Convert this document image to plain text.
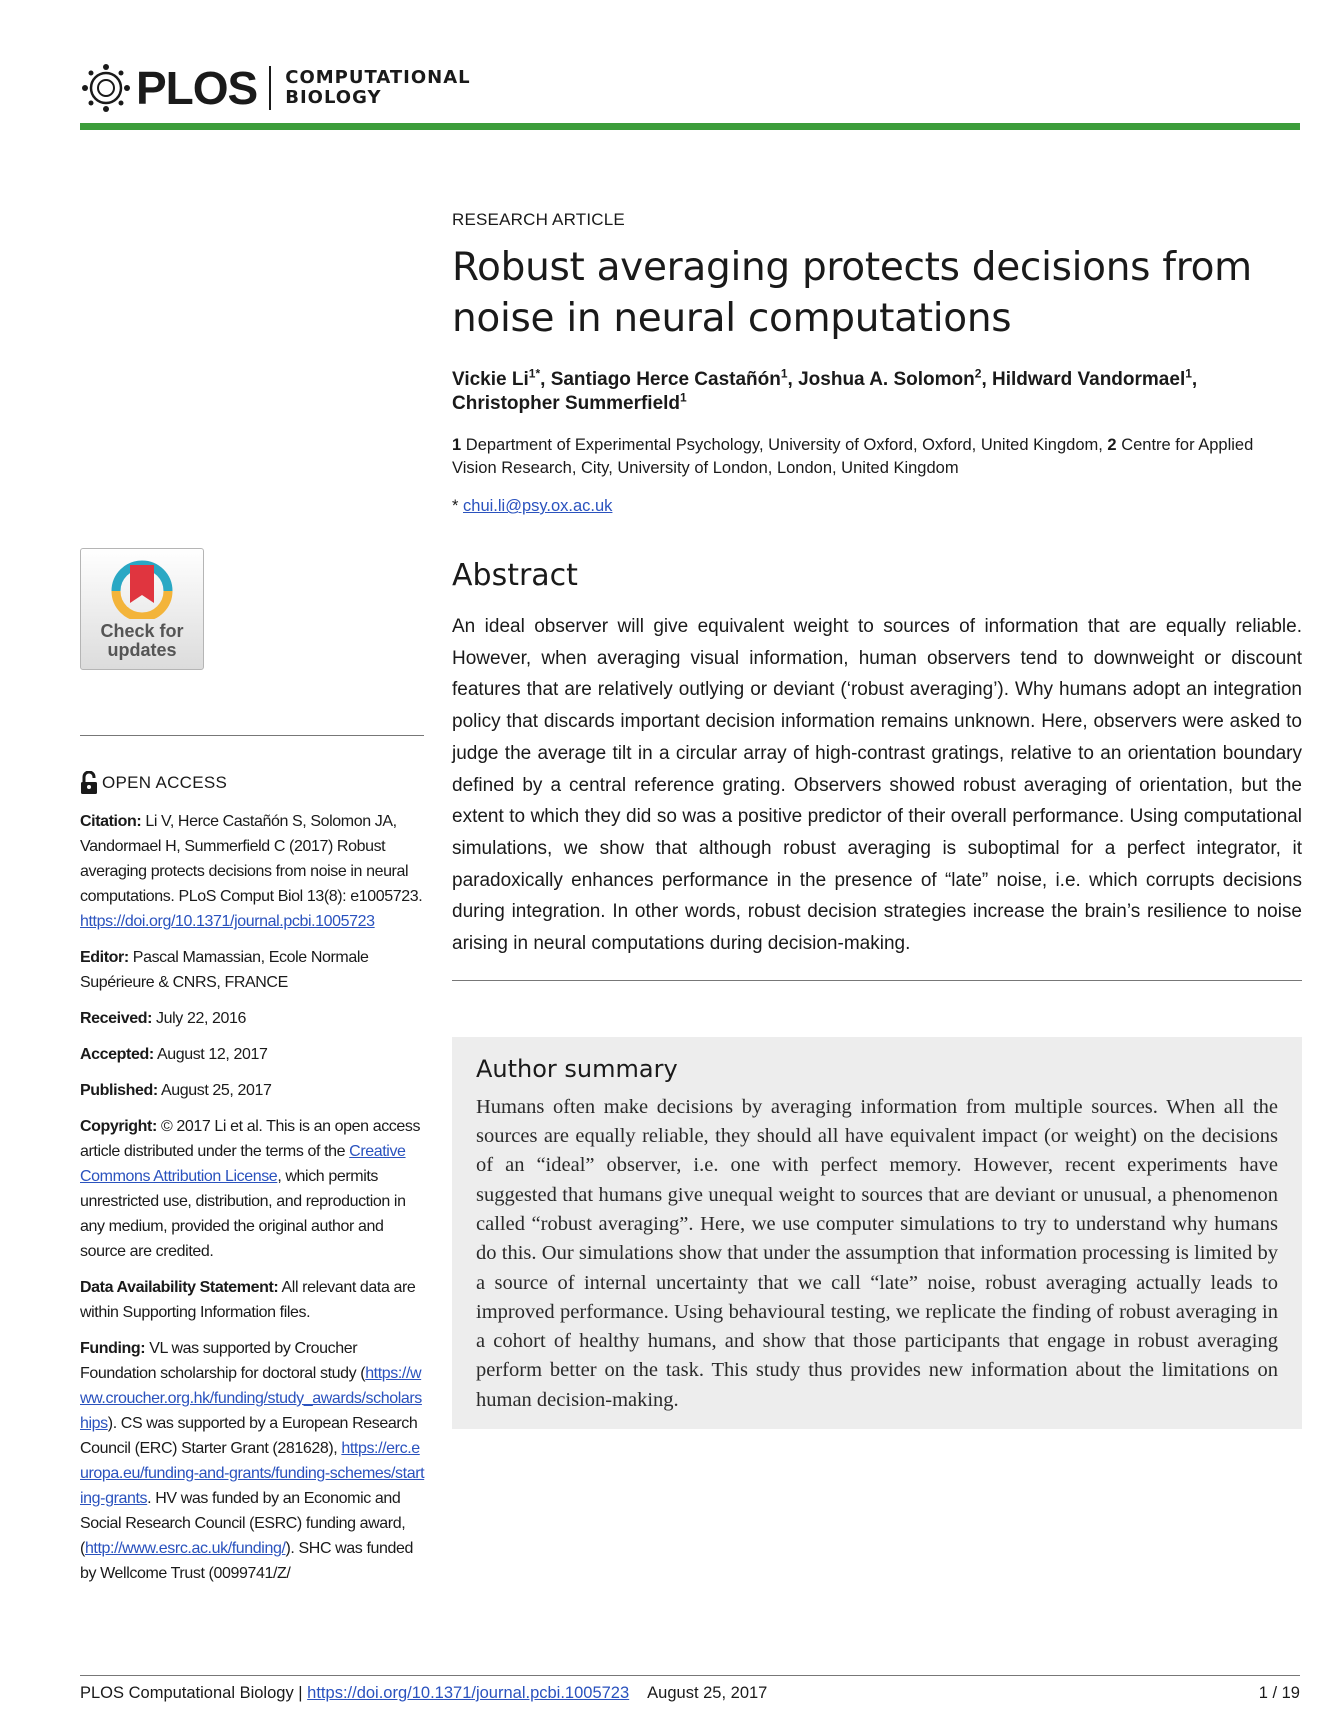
PLOS COMPUTATIONAL
BIOLOGY
Check for
updates
OPEN ACCESS

Citation: Li V, Herce Castañón S, Solomon JA, Vandormael H, Summerfield C (2017) Robust averaging protects decisions from noise in neural computations. PLoS Comput Biol 13(8): e1005723. https://doi.org/10.1371/journal.pcbi.1005723

Editor: Pascal Mamassian, Ecole Normale Supérieure & CNRS, FRANCE

Received: July 22, 2016

Accepted: August 12, 2017

Published: August 25, 2017

Copyright: © 2017 Li et al. This is an open access article distributed under the terms of the Creative Commons Attribution License, which permits unrestricted use, distribution, and reproduction in any medium, provided the original author and source are credited.

Data Availability Statement: All relevant data are within Supporting Information files.

Funding: VL was supported by Croucher Foundation scholarship for doctoral study (https://www.croucher.org.hk/funding/study_awards/scholarships). CS was supported by a European Research Council (ERC) Starter Grant (281628), https://erc.europa.eu/funding-and-grants/funding-schemes/starting-grants. HV was funded by an Economic and Social Research Council (ESRC) funding award, (http://www.esrc.ac.uk/funding/). SHC was funded by Wellcome Trust (0099741/Z/

RESEARCH ARTICLE
Robust averaging protects decisions from noise in neural computations
Vickie $Li^{1*}$, Santiago Herce Castañón$^1$, Joshua A. Solomon$^2$, Hildward Vandormael$^1$, Christopher Summerfield$^1$
1 Department of Experimental Psychology, University of Oxford, Oxford, United Kingdom, 2 Centre for Applied Vision Research, City, University of London, London, United Kingdom
* chui.li@psy.ox.ac.uk
Abstract

An ideal observer will give equivalent weight to sources of information that are equally reliable. However, when averaging visual information, human observers tend to downweight or discount features that are relatively outlying or deviant (‘robust averaging’). Why humans adopt an integration policy that discards important decision information remains unknown. Here, observers were asked to judge the average tilt in a circular array of high-contrast gratings, relative to an orientation boundary defined by a central reference grating. Observers showed robust averaging of orientation, but the extent to which they did so was a positive predictor of their overall performance. Using computational simulations, we show that although robust averaging is suboptimal for a perfect integrator, it paradoxically enhances performance in the presence of “late” noise, i.e. which corrupts decisions during integration. In other words, robust decision strategies increase the brain’s resilience to noise arising in neural computations during decision-making.

Author summary

Humans often make decisions by averaging information from multiple sources. When all the sources are equally reliable, they should all have equivalent impact (or weight) on the decisions of an “ideal” observer, i.e. one with perfect memory. However, recent experiments have suggested that humans give unequal weight to sources that are deviant or unusual, a phenomenon called “robust averaging”. Here, we use computer simulations to try to understand why humans do this. Our simulations show that under the assumption that information processing is limited by a source of internal uncertainty that we call “late” noise, robust averaging actually leads to improved performance. Using behavioural testing, we replicate the finding of robust averaging in a cohort of healthy humans, and show that those participants that engage in robust averaging perform better on the task. This study thus provides new information about the limitations on human decision-making.

PLOS Computational Biology |
https://doi.org/10.1371/journal.pcbi.1005723 August 25, 2017	1 / 19
